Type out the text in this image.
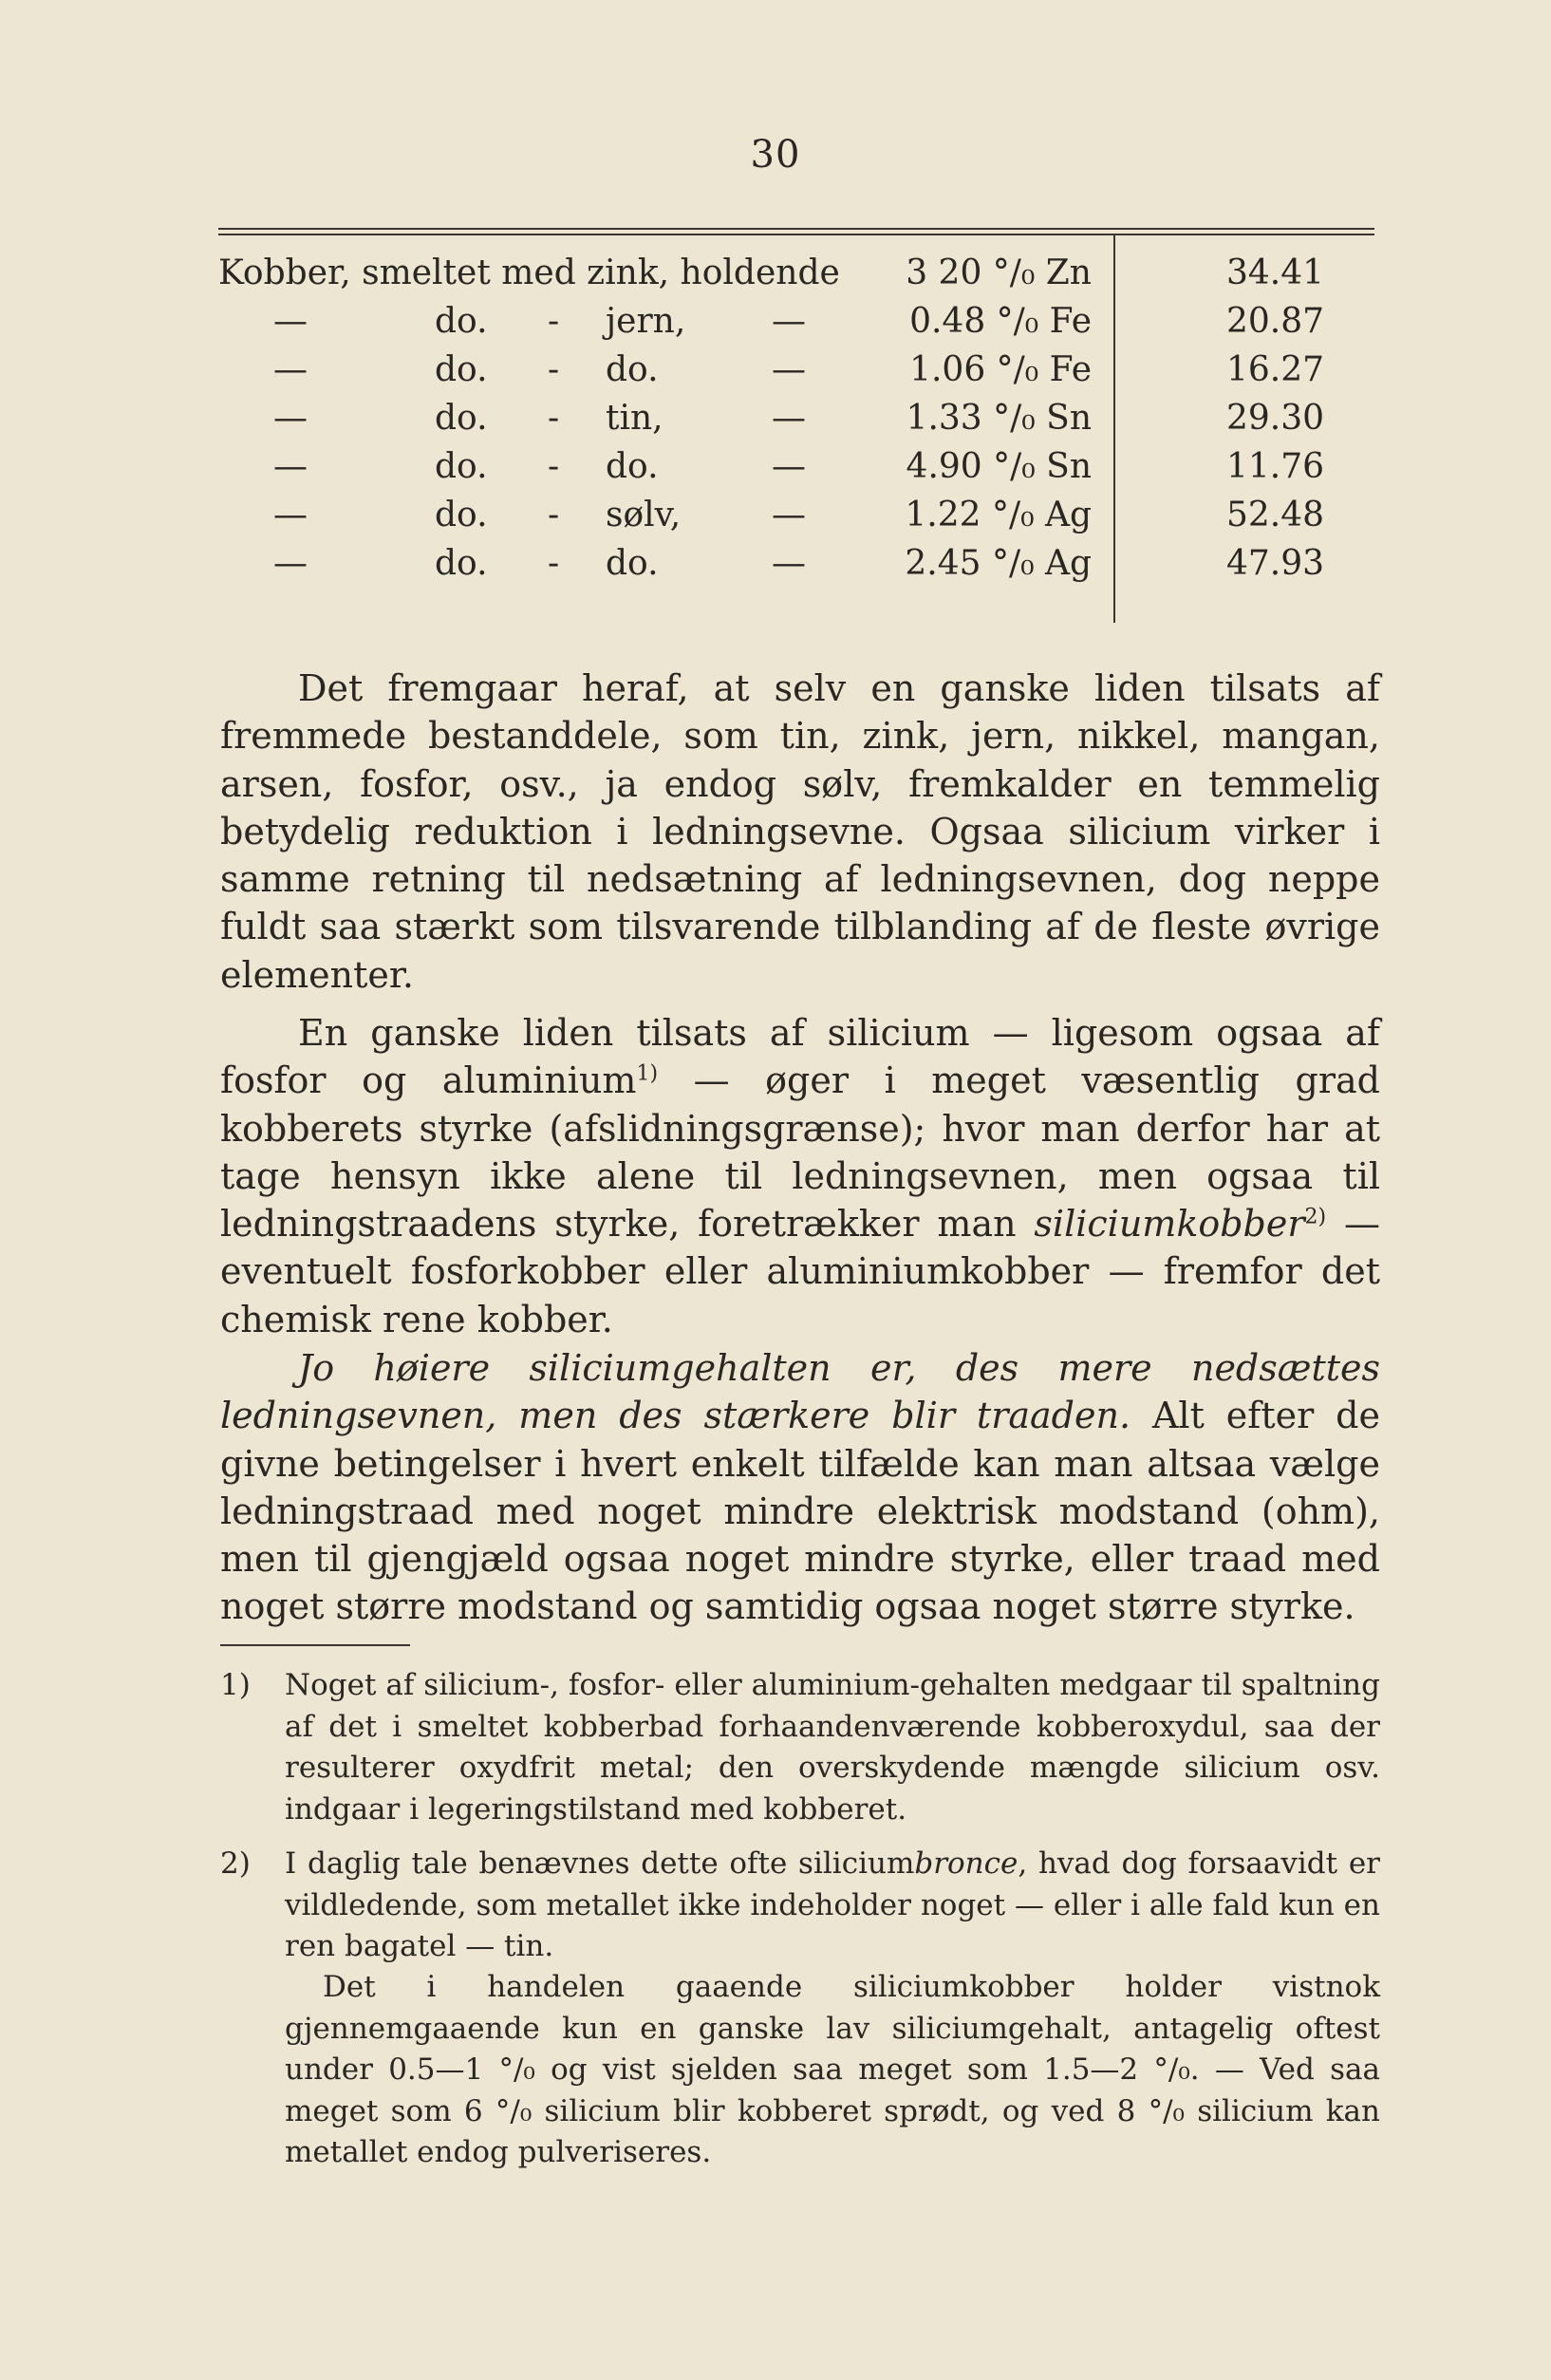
30
Kobber, smeltet med zink, holdende	3 20 °/₀ Zn	34.41
—	do. - jern,	—	0.48 °/₀ Fe	20.87
—	do. - do.	—	1.06 °/₀ Fe	16.27
—	do. - tin,	—	1.33 °/₀ Sn	29.30
—	do. - do.	—	4.90 °/₀ Sn	11.76
—	do. - sølv,	—	1.22 °/₀ Ag	52.48
—	do. - do.	—	2.45 °/₀ Ag	47.93
Det fremgaar heraf, at selv en ganske liden tilsats af fremmede bestanddele, som tin, zink, jern, nikkel, mangan, arsen, fosfor, osv., ja endog sølv, fremkalder en temmelig betydelig reduktion i ledningsevne. Ogsaa silicium virker i samme retning til nedsætning af ledningsevnen, dog neppe fuldt saa stærkt som tilsvarende tilblanding af de fleste øvrige elementer.
En ganske liden tilsats af silicium — ligesom ogsaa af fosfor og aluminium$^{1)}$ — øger i meget væsentlig grad kobberets styrke (afslidningsgrænse); hvor man derfor har at tage hensyn ikke alene til ledningsevnen, men ogsaa til ledningstraadens styrke, foretrækker man siliciumkobber$^{2)}$ — eventuelt fosforkobber eller aluminiumkobber — fremfor det chemisk rene kobber.
Jo høiere siliciumgehalten er, des mere nedsættes ledningsevnen, men des stærkere blir traaden. Alt efter de givne betingelser i hvert enkelt tilfælde kan man altsaa vælge ledningstraad med noget mindre elektrisk modstand (ohm), men til gjengjæld ogsaa noget mindre styrke, eller traad med noget større modstand og samtidig ogsaa noget større styrke.
1) Noget af silicium-, fosfor- eller aluminium-gehalten medgaar til spaltning af det i smeltet kobberbad forhaandenværende kobberoxydul, saa der resulterer oxydfrit metal; den overskydende mængde silicium osv. indgaar i legeringstilstand med kobberet.
2) I daglig tale benævnes dette ofte siliciumbronce, hvad dog forsaavidt er vildledende, som metallet ikke indeholder noget — eller i alle fald kun en ren bagatel — tin.
Det i handelen gaaende siliciumkobber holder vistnok gjennemgaaende kun en ganske lav siliciumgehalt, antagelig oftest under 0.5—1 °/₀ og vist sjelden saa meget som 1.5—2 °/₀. — Ved saa meget som 6 °/₀ silicium blir kobberet sprødt, og ved 8 °/₀ silicium kan metallet endog pulveriseres.
